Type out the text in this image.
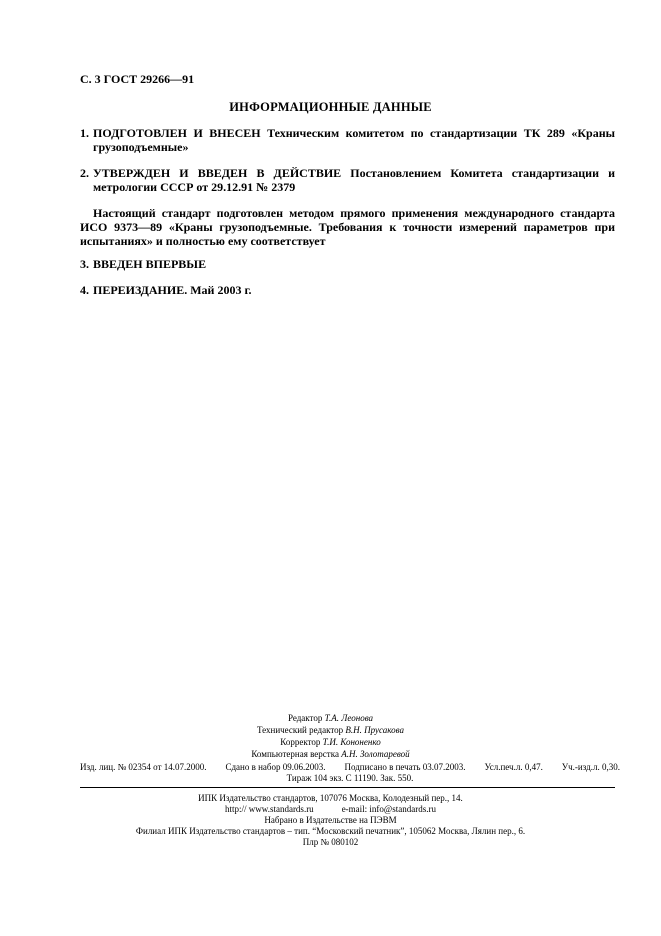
С. 3 ГОСТ 29266—91
ИНФОРМАЦИОННЫЕ ДАННЫЕ
1. ПОДГОТОВЛЕН И ВНЕСЕН Техническим комитетом по стандартизации ТК 289 «Краны грузоподъемные»
2. УТВЕРЖДЕН И ВВЕДЕН В ДЕЙСТВИЕ Постановлением Комитета стандартизации и метрологии СССР от 29.12.91 № 2379
Настоящий стандарт подготовлен методом прямого применения международного стандарта ИСО 9373—89 «Краны грузоподъемные. Требования к точности измерений параметров при испытаниях» и полностью ему соответствует
3. ВВЕДЕН ВПЕРВЫЕ
4. ПЕРЕИЗДАНИЕ. Май 2003 г.
Редактор Т.А. Леонова
Технический редактор В.Н. Прусакова
Корректор Т.И. Кононенко
Компьютерная верстка А.Н. Золотаревой
Изд. лиц. № 02354 от 14.07.2000. Сдано в набор 09.06.2003. Подписано в печать 03.07.2003. Усл.печ.л. 0,47. Уч.-изд.л. 0,30.
Тираж 104 экз. С 11190. Зак. 550.
ИПК Издательство стандартов, 107076 Москва, Колодезный пер., 14.
http:// www.standards.ru	e-mail: info@standards.ru
Набрано в Издательстве на ПЭВМ
Филиал ИПК Издательство стандартов – тип. “Московский печатник”, 105062 Москва, Лялин пер., 6.
Плр № 080102
